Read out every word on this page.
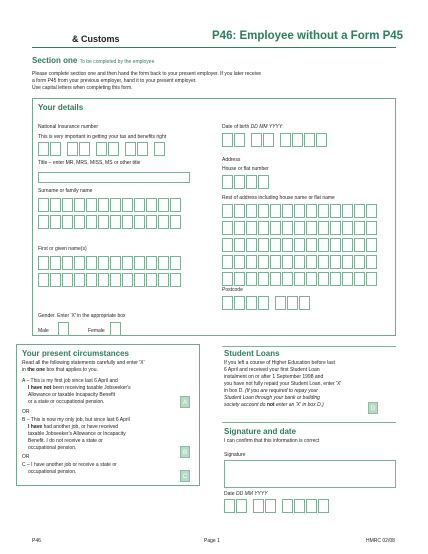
& Customs	P46: Employee without a Form P45
Section one To be completed by the employee
Please complete section one and then hand the form back to your present employer. If you later receive
a form P45 from your previous employer, hand it to your present employer.
Use capital letters when completing this form.
Your details
National Insurance number
This is very important in getting your tax and benefits right

Title – enter MR, MRS, MISS, MS or other title
Surname or family name
First or given name(s)
Gender. Enter 'X' in the appropriate box
Male	Female
Date of birth DD MM YYYY

Address
House or flat number
Rest of address including house name or flat name
Postcode

Your present circumstances
Read all the following statements carefully and enter 'X'
in the one box that applies to you.
A – This is my first job since last 6 April and
I have not been receiving taxable Jobseeker's
Allowance or taxable Incapacity Benefit
or a state or occupational pension.	A
OR
B – This is now my only job, but since last 6 April
I have had another job, or have received
taxable Jobseeker's Allowance or Incapacity
Benefit. I do not receive a state or
occupational pension.
B
OR
C – I have another job or receive a state or
occupational pension.
C
Student Loans
If you left a course of Higher Education before last
6 April and received your first Student Loan
instalment on or after 1 September 1998 and
you have not fully repaid your Student Loan, enter 'X'
in box D. (If you are required to repay your
Student Loan through your bank or building
society account do not enter an 'X' in box D.)
D
Signature and date
I can confirm that this information is correct
Signature
Date DD MM YYYY

P46	Page 1	HMRC 02/08
